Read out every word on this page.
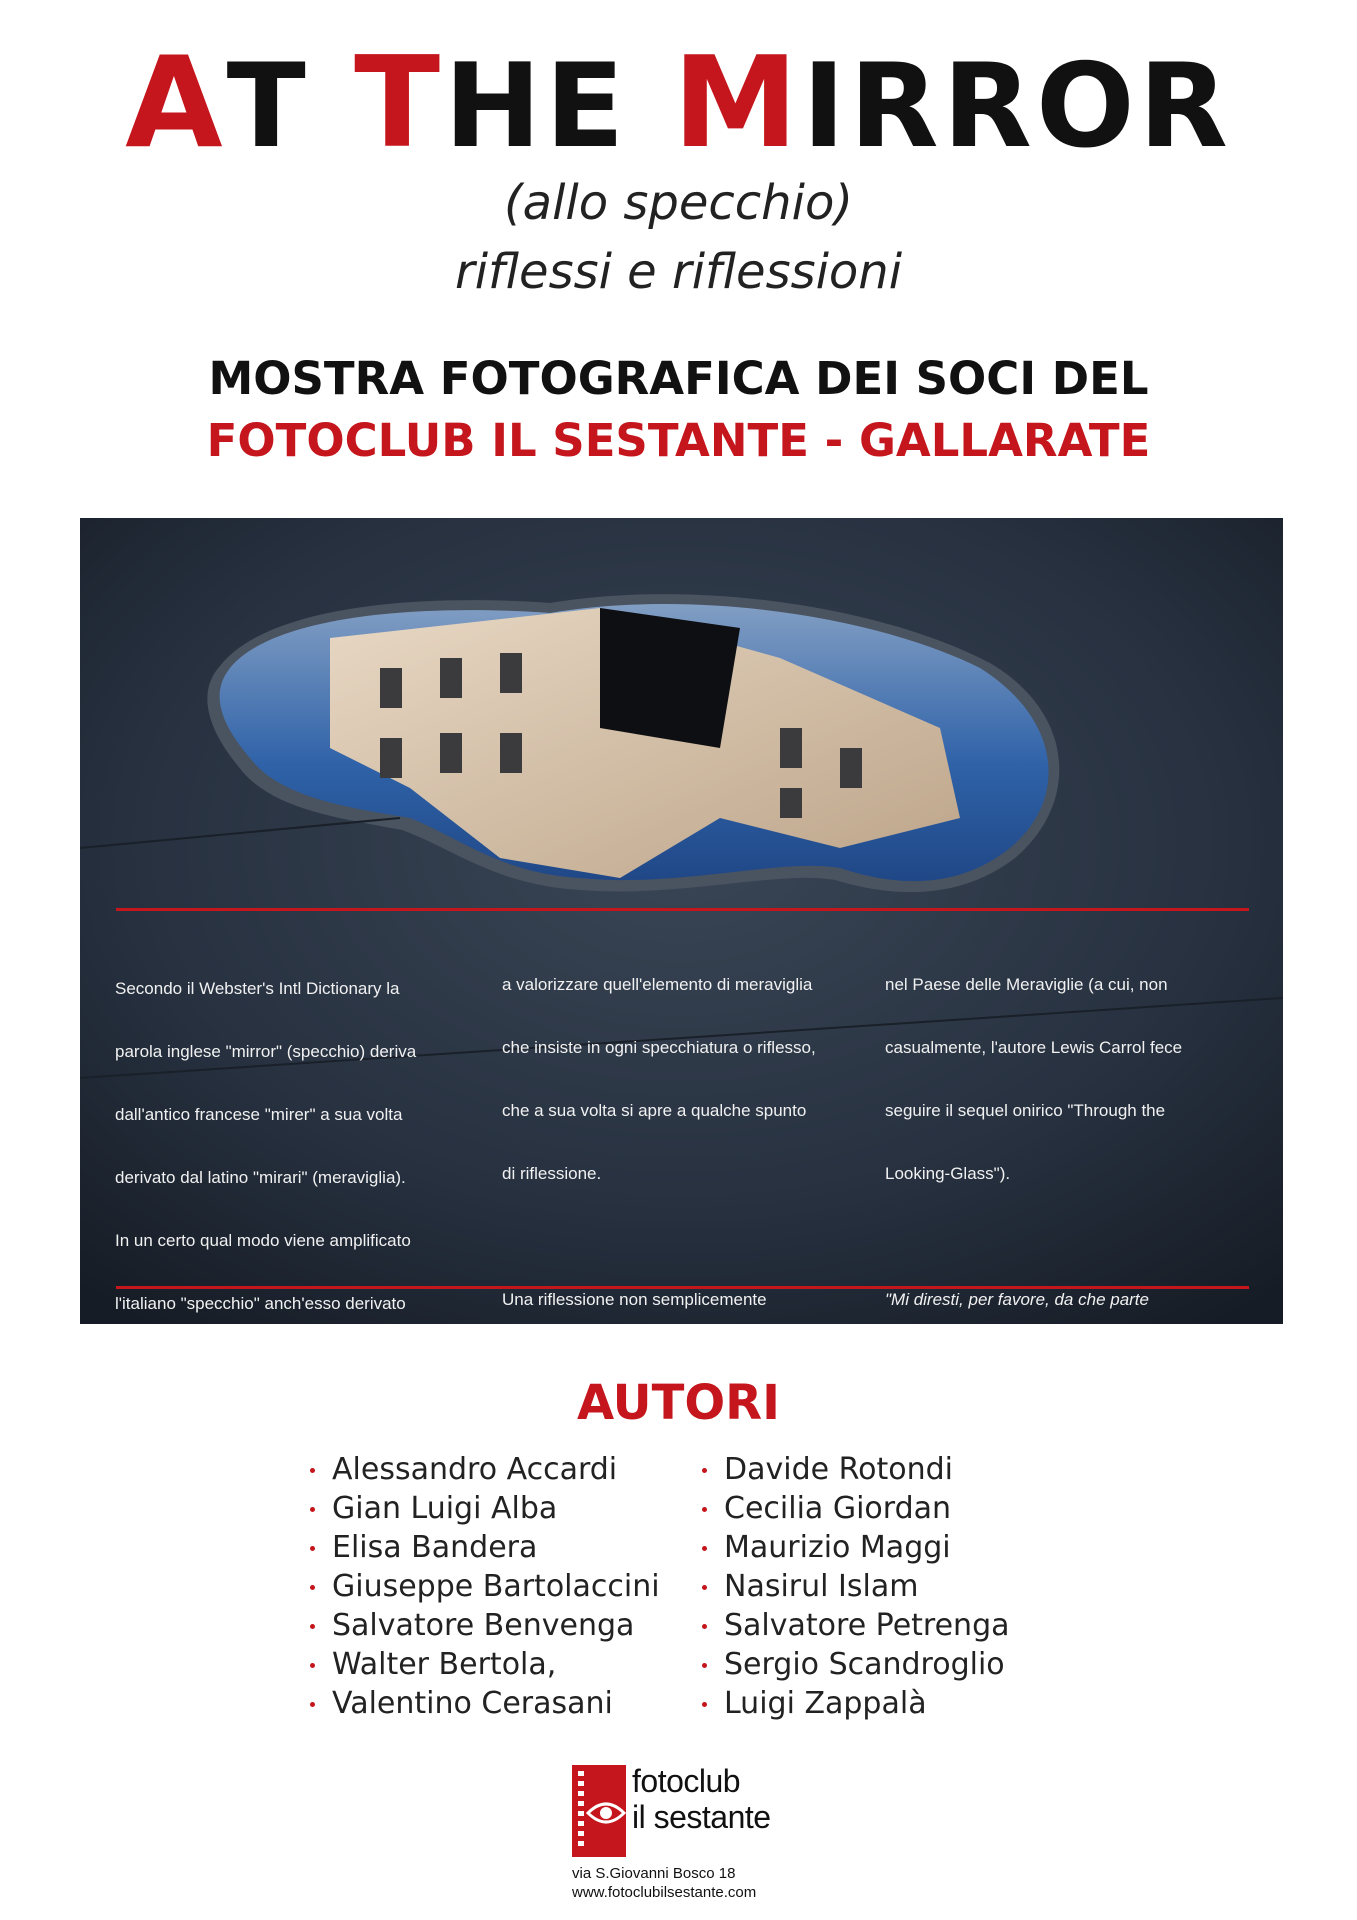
AT THE MIRROR
(allo specchio)
riflessi e riflessioni
MOSTRA FOTOGRAFICA DEI SOCI DEL
FOTOCLUB IL SESTANTE - GALLARATE

Secondo il Webster's Intl Dictionary la

parola inglese "mirror" (specchio) deriva

dall'antico francese "mirer" a sua volta

derivato dal latino "mirari" (meraviglia).

In un certo qual modo viene amplificato

l'italiano "specchio" anch'esso derivato

a valorizzare quell'elemento di meraviglia

che insiste in ogni specchiatura o riflesso,

che a sua volta si apre a qualche spunto

di riflessione.

Una riflessione non semplicemente

nel Paese delle Meraviglie (a cui, non

casualmente, l'autore Lewis Carrol fece

seguire il sequel onirico "Through the

Looking-Glass").

"Mi diresti, per favore, da che parte

AUTORI
Alessandro Accardi
Gian Luigi Alba
Elisa Bandera
Giuseppe Bartolaccini
Salvatore Benvenga
Walter Bertola,
Valentino Cerasani
Davide Rotondi
Cecilia Giordan
Maurizio Maggi
Nasirul Islam
Salvatore Petrenga
Sergio Scandroglio
Luigi Zappalà
fotoclub
il sestante
via S.Giovanni Bosco 18
www.fotoclubilsestante.com
